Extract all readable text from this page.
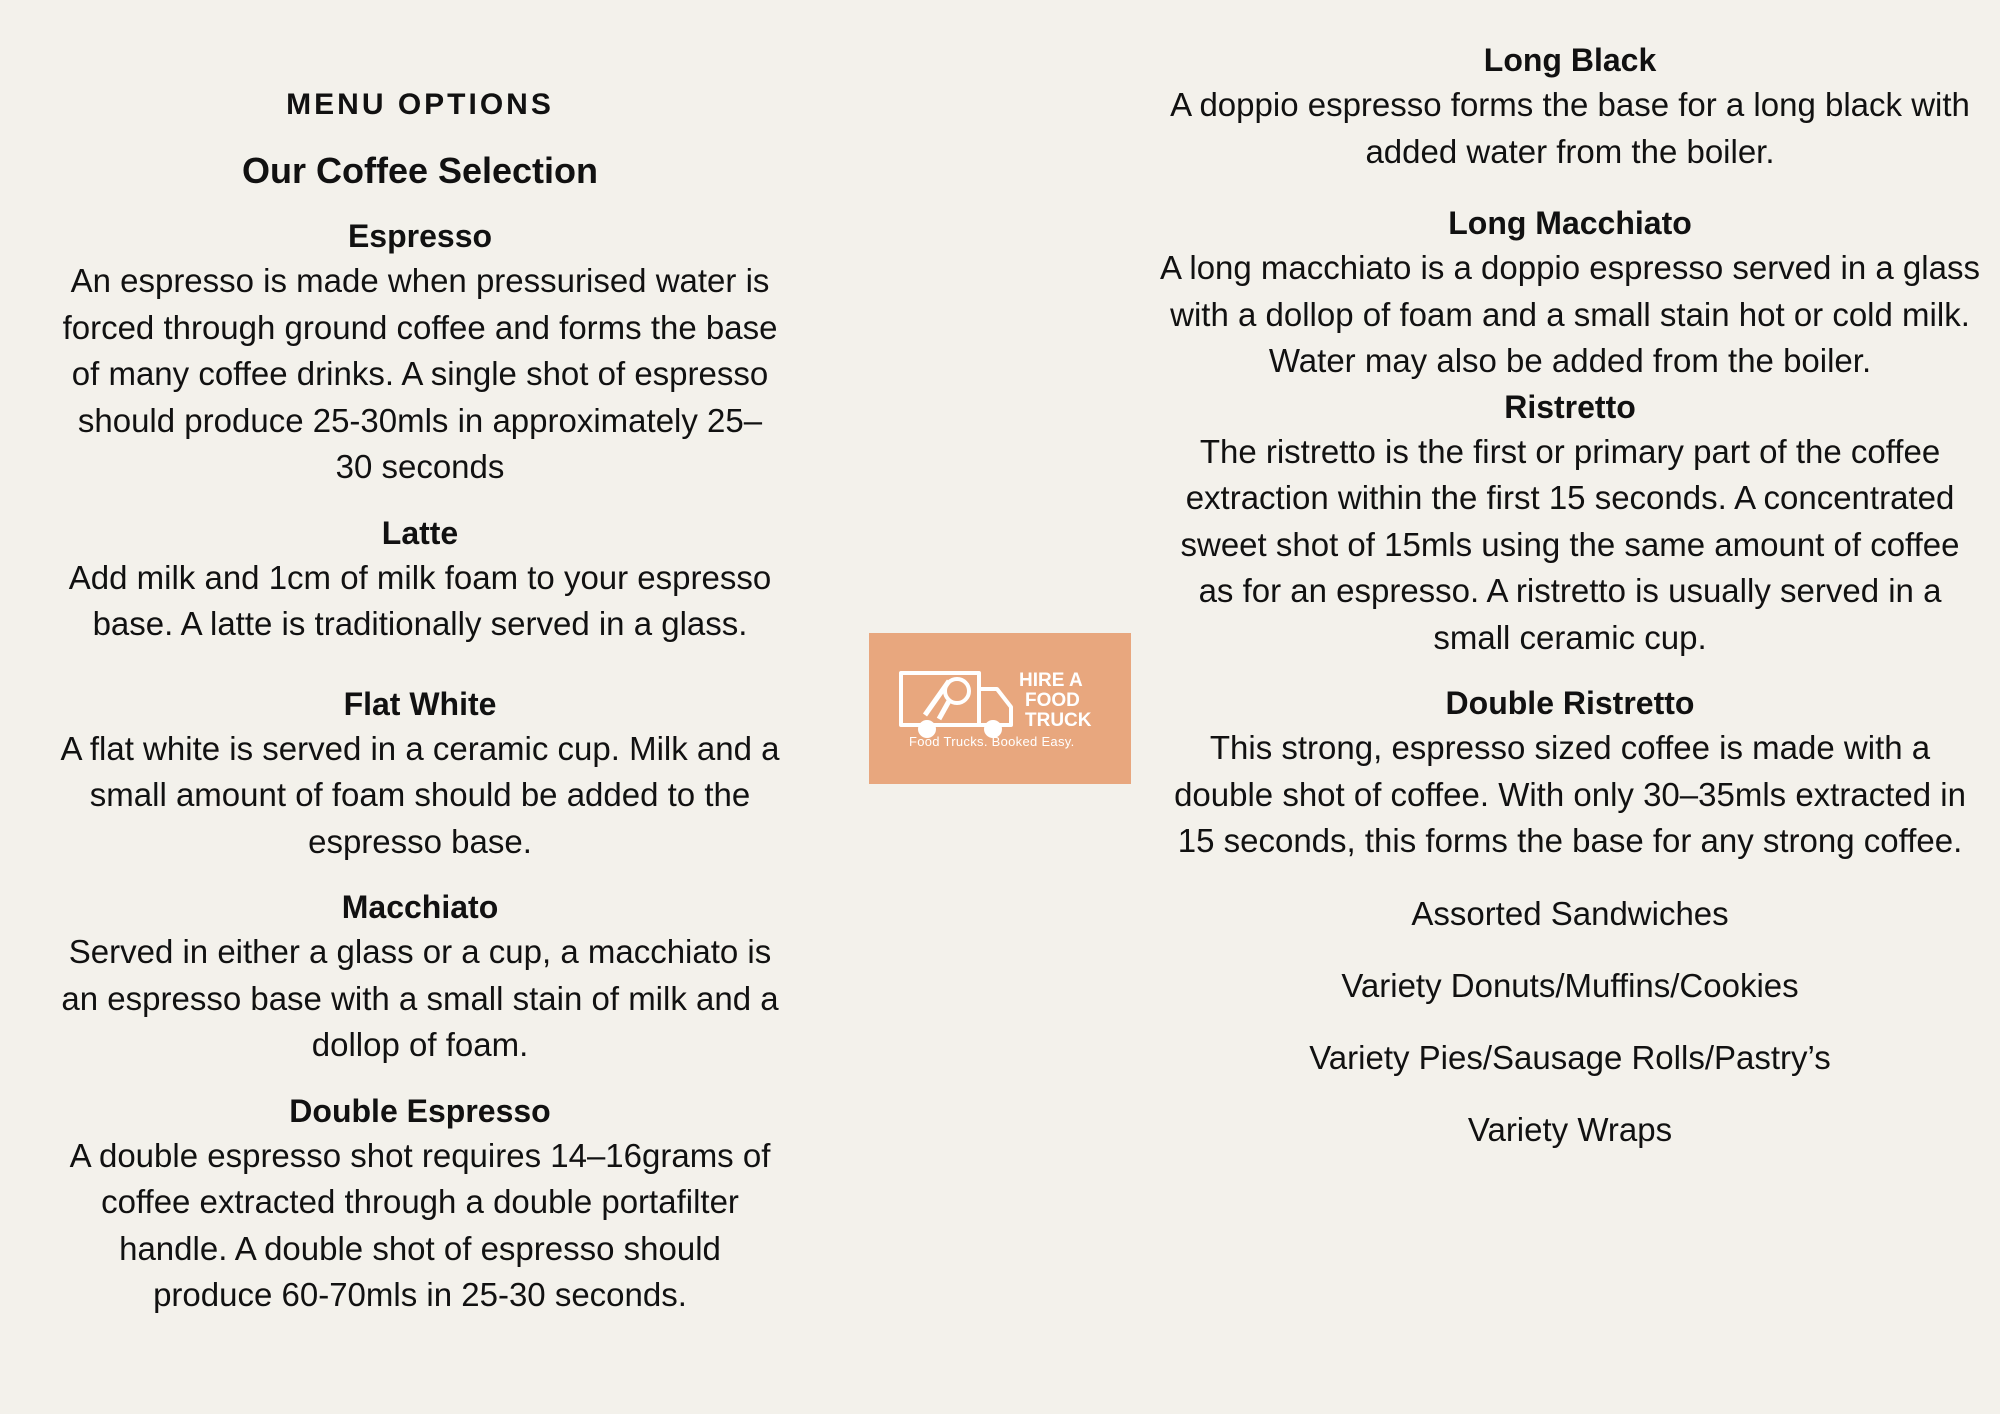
MENU OPTIONS
Our Coffee Selection
Espresso
An espresso is made when pressurised water is forced through ground coffee and forms the base of many coffee drinks. A single shot of espresso should produce 25-30mls in approximately 25–30 seconds
Latte
Add milk and 1cm of milk foam to your espresso base. A latte is traditionally served in a glass.
Flat White
A flat white is served in a ceramic cup. Milk and a small amount of foam should be added to the espresso base.
Macchiato
Served in either a glass or a cup, a macchiato is an espresso base with a small stain of milk and a dollop of foam.
Double Espresso
A double espresso shot requires 14–16grams of coffee extracted through a double portafilter handle. A double shot of espresso should produce 60-70mls in 25-30 seconds.
HIRE A
FOOD
TRUCK
Food Trucks. Booked Easy.
Long Black
A doppio espresso forms the base for a long black with added water from the boiler.
Long Macchiato
A long macchiato is a doppio espresso served in a glass with a dollop of foam and a small stain hot or cold milk. Water may also be added from the boiler.
Ristretto
The ristretto is the first or primary part of the coffee extraction within the first 15 seconds. A concentrated sweet shot of 15mls using the same amount of coffee as for an espresso. A ristretto is usually served in a small ceramic cup.
Double Ristretto
This strong, espresso sized coffee is made with a double shot of coffee. With only 30–35mls extracted in 15 seconds, this forms the base for any strong coffee.
Assorted Sandwiches
Variety Donuts/Muffins/Cookies
Variety Pies/Sausage Rolls/Pastry’s
Variety Wraps
